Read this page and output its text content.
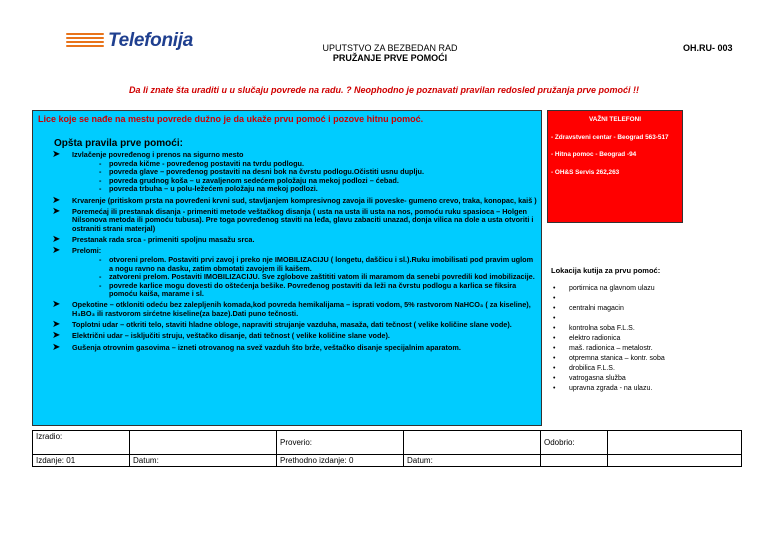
Telefonija	UPUTSTVO ZA BEZBEDAN RAD
PRUŽANJE PRVE POMOĆI
OH.RU- 003
Da li znate šta uraditi u u slučaju povrede na radu. ? Neophodno je poznavati pravilan redosled pružanja prve pomoći !!
Lice koje se nađe na mestu povrede dužno je da ukaže prvu pomoć i pozove hitnu pomoć.
Opšta pravila prve pomoći:
➤ Izvlačenje povređenog i prenos na sigurno mesto
- povreda kičme - povređenog postaviti na tvrdu podlogu.
- povreda glave – povređenog postaviti na desni bok na čvrstu podlogu.Očistiti usnu duplju.
- povreda grudnog koša – u zavaljenom sedećem položaju na mekoj podlozi – ćebad.
- povreda trbuha – u polu-ležećem položaju na mekoj podlozi.
➤ Krvarenje (pritiskom prsta na povređeni krvni sud, stavljanjem kompresivnog zavoja ili poveske- gumeno crevo, traka, konopac, kaiš )
➤ Poremećaj ili prestanak disanja - primeniti metode veštačkog disanja ( usta na usta ili usta na nos, pomoću ruku spasioca – Holgen Nilsonova metoda ili pomoću tubusa). Pre toga povređenog staviti na leđa, glavu zabaciti unazad, donja vilica na dole a usta otvoriti i ostraniti strani materjal)
➤ Prestanak rada srca - primeniti spoljnu masažu srca.
➤ Prelomi:
- otvoreni prelom. Postaviti prvi zavoj i preko nje IMOBILIZACIJU ( longetu, daščicu i sl.).Ruku imobilisati pod pravim uglom a nogu ravno na dasku, zatim obmotati zavojem ili kaišem.
- zatvoreni prelom. Postaviti IMOBILIZACIJU. Sve zglobove zaštititi vatom ili maramom da senebi povredili kod imobilizacije.
- povrede karlice mogu dovesti do oštećenja bešike. Povređenog postaviti da leži na čvrstu podlogu a karlica se fiksira pomoću kaiša, marame i sl.
➤ Opekotine – otkloniti odeću bez zalepljenih komada,kod povreda hemikalijama – isprati vodom, 5% rastvorom NaHCO₃ ( za kiseline), H₃BO₃ ili rastvorom sirćetne kiseline(za baze).Dati puno tečnosti.
➤ Toplotni udar – otkriti telo, staviti hladne obloge, napraviti strujanje vazduha, masaža, dati tečnost ( velike količine slane vode).
➤ Električni udar – isključiti struju, veštačko disanje, dati tečnost ( velike količine slane vode).
➤ Gušenja otrovnim gasovima – izneti otrovanog na svež vazduh što brže, veštačko disanje specijalnim aparatom.
VAŽNI TELEFONI
- Zdravstveni centar - Beograd 563-517
- Hitna pomoc - Beograd -94
- OH&S Servis 262,263
Lokacija kutija za prvu pomoć:
• portirnica na glavnom ulazu
•
• centralni magacin
•
• kontrolna soba F.L.S.
• elektro radionica
• maš. radionica – metalostr.
• otpremna stanica – kontr. soba
• drobilica F.L.S.
• vatrogasna služba
• upravna zgrada - na ulazu.
Izradio:		Proverio:		Odobrio:	
Izdanje: 01	Datum:	Prethodno izdanje: 0	Datum:		
